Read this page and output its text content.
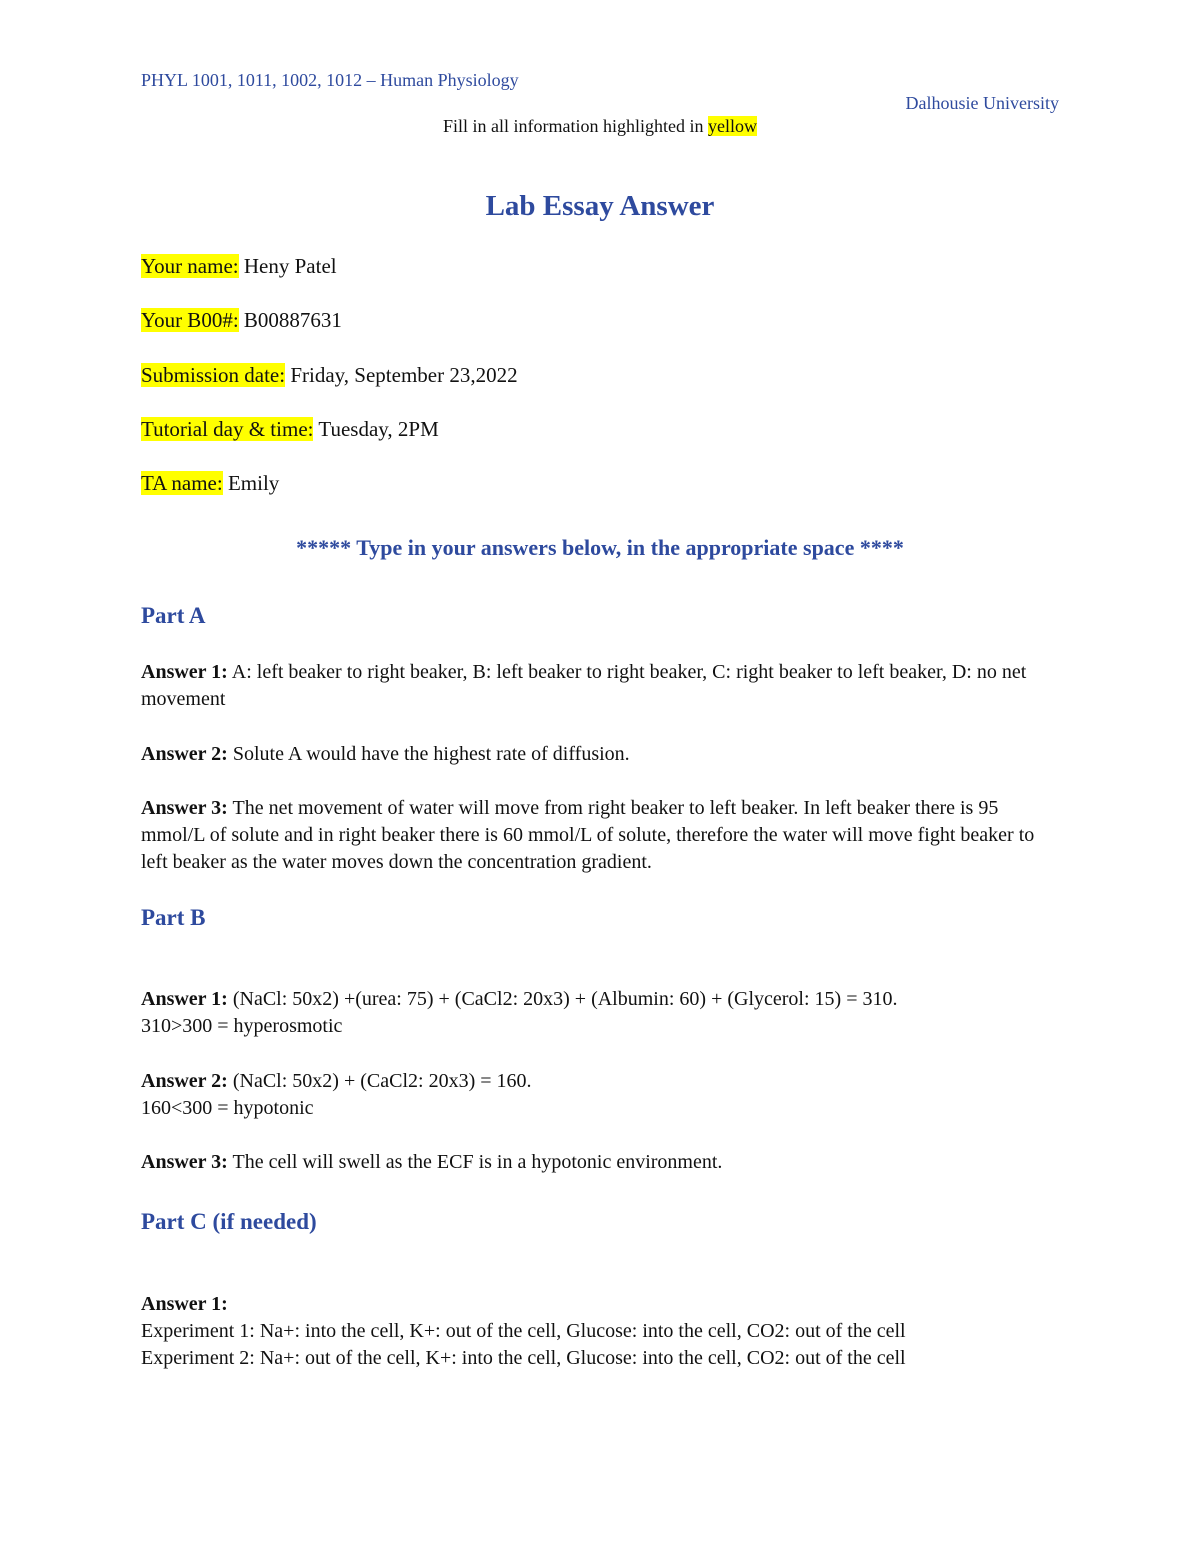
PHYL 1001, 1011, 1002, 1012 – Human Physiology
Dalhousie University
Fill in all information highlighted in yellow
Lab Essay Answer
Your name: Heny Patel
Your B00#: B00887631
Submission date: Friday, September 23,2022
Tutorial day & time: Tuesday, 2PM
TA name: Emily
***** Type in your answers below, in the appropriate space ****
Part A
Answer 1: A: left beaker to right beaker, B: left beaker to right beaker, C: right beaker to left beaker, D: no net movement
Answer 2: Solute A would have the highest rate of diffusion.
Answer 3: The net movement of water will move from right beaker to left beaker. In left beaker there is 95 mmol/L of solute and in right beaker there is 60 mmol/L of solute, therefore the water will move fight beaker to left beaker as the water moves down the concentration gradient.
Part B
Answer 1: (NaCl: 50x2) +(urea: 75) + (CaCl2: 20x3) + (Albumin: 60) + (Glycerol: 15) = 310.
310>300 = hyperosmotic
Answer 2: (NaCl: 50x2) + (CaCl2: 20x3) = 160.
160<300 = hypotonic
Answer 3: The cell will swell as the ECF is in a hypotonic environment.
Part C (if needed)
Answer 1:
Experiment 1: Na+: into the cell, K+: out of the cell, Glucose: into the cell, CO2: out of the cell
Experiment 2: Na+: out of the cell, K+: into the cell, Glucose: into the cell, CO2: out of the cell
